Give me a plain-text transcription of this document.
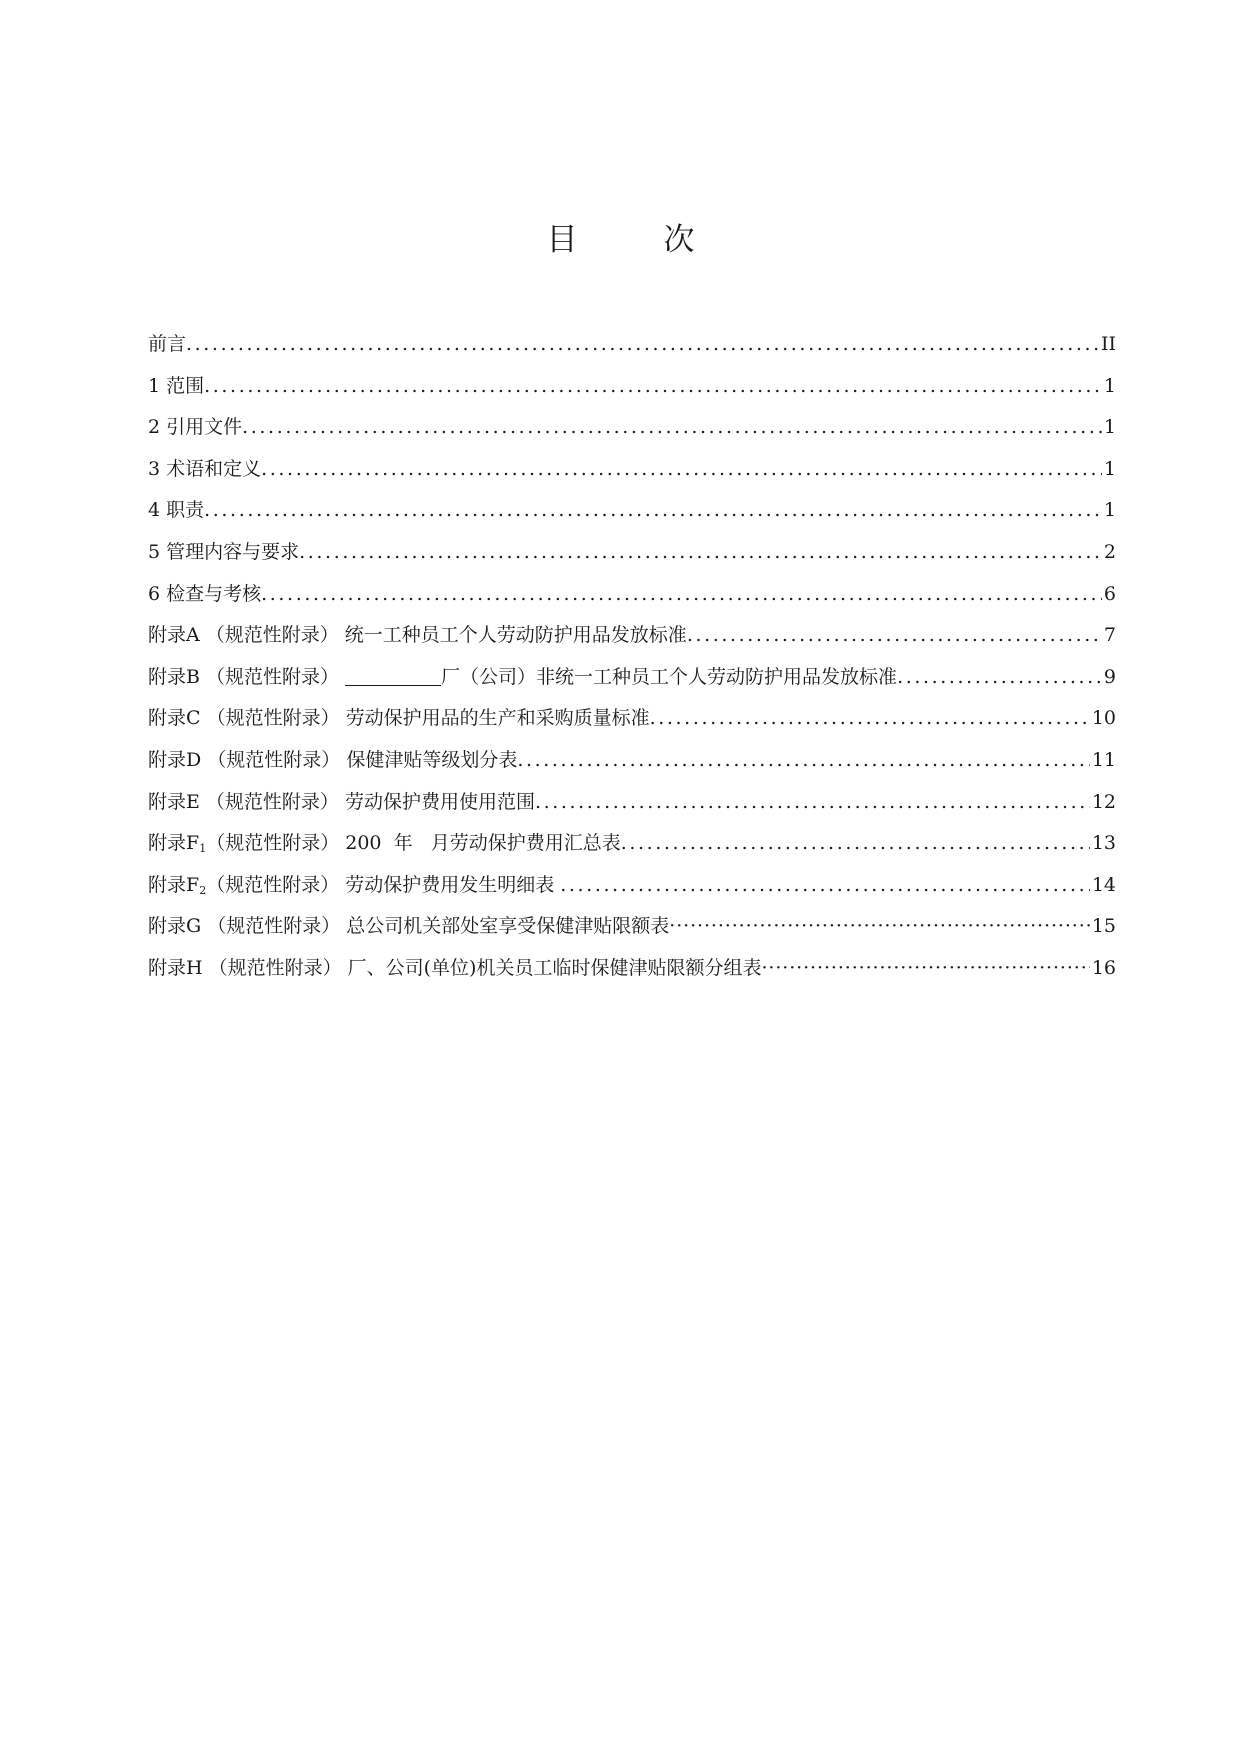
目	次
前言 .....	II
1 范围 .....	1
2 引用文件 .....	1
3 术语和定义 .....	1
4 职责 .....	1
5 管理内容与要求 .....	2
6 检查与考核 .....	6
附录A （规范性附录） 统一工种员工个人劳动防护用品发放标准 .....	7
附录B （规范性附录）	厂（公司）非统一工种员工个人劳动防护用品发放标准 .....	9
附录C （规范性附录） 劳动保护用品的生产和采购质量标准 .....	10
附录D （规范性附录） 保健津贴等级划分表 .....	11
附录E （规范性附录） 劳动保护费用使用范围 .....	12
附录$F_1$（规范性附录） 200  年   月劳动保护费用汇总表 .....	13
附录$F_2$（规范性附录） 劳动保护费用发生明细表 .....	14
附录G （规范性附录） 总公司机关部处室享受保健津贴限额表 ·····	15
附录H （规范性附录） 厂、公司(单位)机关员工临时保健津贴限额分组表 ·····	16
